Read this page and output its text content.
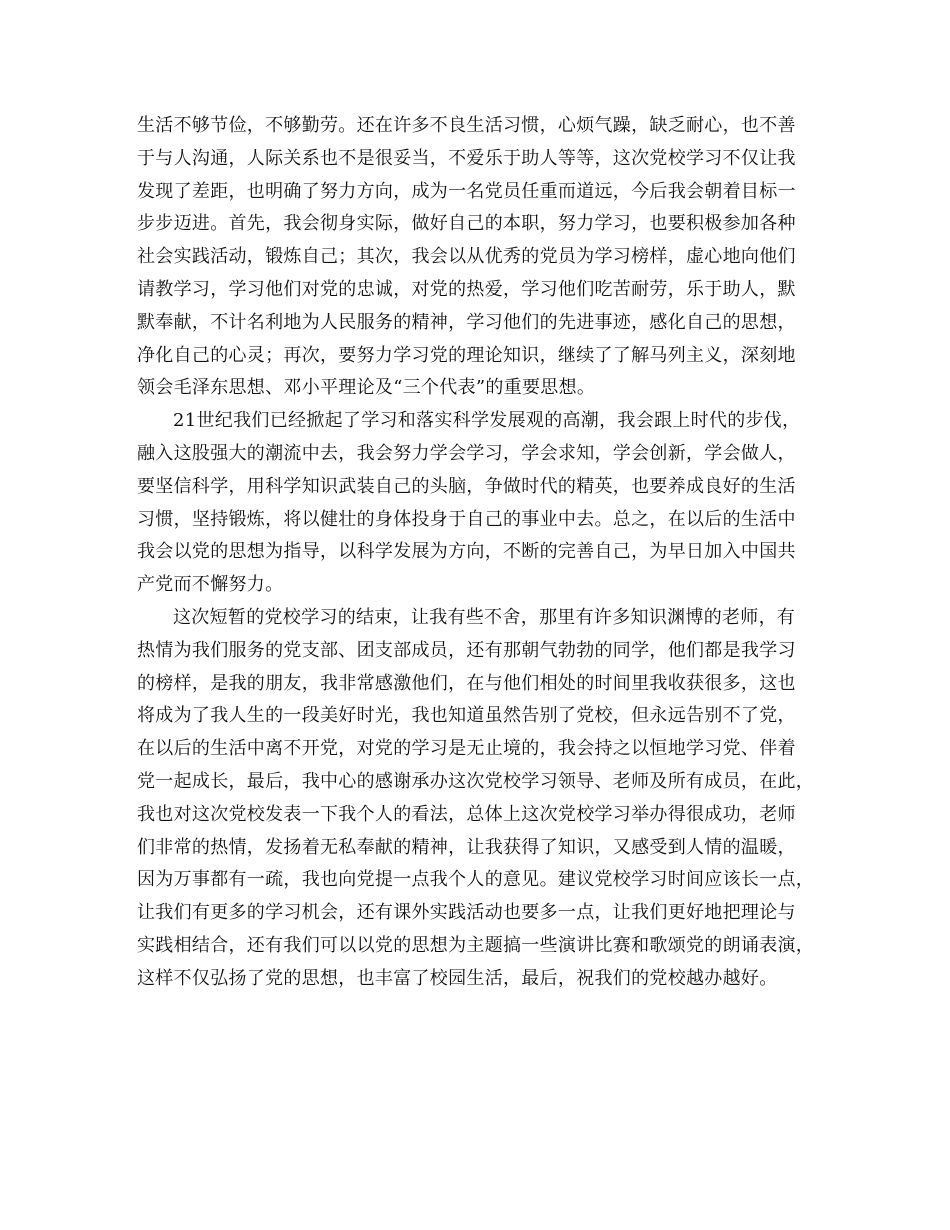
生活不够节俭，不够勤劳。还在许多不良生活习惯，心烦气躁，缺乏耐心，也不善
于与人沟通，人际关系也不是很妥当，不爱乐于助人等等，这次党校学习不仅让我
发现了差距，也明确了努力方向，成为一名党员任重而道远，今后我会朝着目标一
步步迈进。首先，我会彻身实际，做好自己的本职，努力学习，也要积极参加各种
社会实践活动，锻炼自己；其次，我会以从优秀的党员为学习榜样，虚心地向他们
请教学习，学习他们对党的忠诚，对党的热爱，学习他们吃苦耐劳，乐于助人，默
默奉献，不计名利地为人民服务的精神，学习他们的先进事迹，感化自己的思想，
净化自己的心灵；再次，要努力学习党的理论知识，继续了了解马列主义，深刻地
领会毛泽东思想、邓小平理论及“三个代表”的重要思想。

21世纪我们已经掀起了学习和落实科学发展观的高潮，我会跟上时代的步伐，
融入这股强大的潮流中去，我会努力学会学习，学会求知，学会创新，学会做人，
要坚信科学，用科学知识武装自己的头脑，争做时代的精英，也要养成良好的生活
习惯，坚持锻炼，将以健壮的身体投身于自己的事业中去。总之，在以后的生活中
我会以党的思想为指导，以科学发展为方向，不断的完善自己，为早日加入中国共
产党而不懈努力。

这次短暂的党校学习的结束，让我有些不舍，那里有许多知识渊博的老师，有
热情为我们服务的党支部、团支部成员，还有那朝气勃勃的同学，他们都是我学习
的榜样，是我的朋友，我非常感激他们，在与他们相处的时间里我收获很多，这也
将成为了我人生的一段美好时光，我也知道虽然告别了党校，但永远告别不了党，
在以后的生活中离不开党，对党的学习是无止境的，我会持之以恒地学习党、伴着
党一起成长，最后，我中心的感谢承办这次党校学习领导、老师及所有成员，在此，
我也对这次党校发表一下我个人的看法，总体上这次党校学习举办得很成功，老师
们非常的热情，发扬着无私奉献的精神，让我获得了知识，又感受到人情的温暖，
因为万事都有一疏，我也向党提一点我个人的意见。建议党校学习时间应该长一点，
让我们有更多的学习机会，还有课外实践活动也要多一点，让我们更好地把理论与
实践相结合，还有我们可以以党的思想为主题搞一些演讲比赛和歌颂党的朗诵表演，
这样不仅弘扬了党的思想，也丰富了校园生活，最后，祝我们的党校越办越好。
